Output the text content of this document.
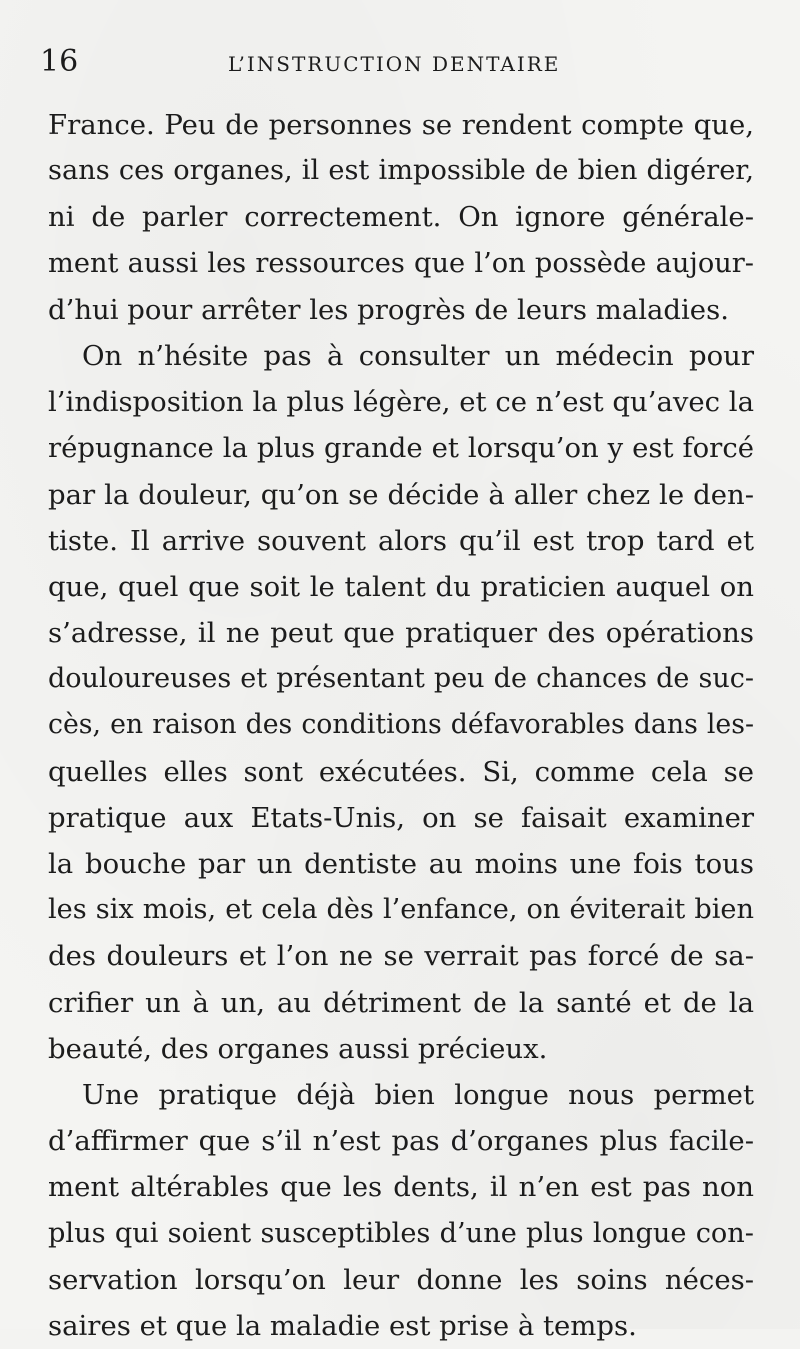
16	L’INSTRUCTION DENTAIRE
France. Peu de personnes se rendent compte que,
sans ces organes, il est impossible de bien digérer,
ni de parler correctement. On ignore générale-
ment aussi les ressources que l’on possède aujour-
d’hui pour arrêter les progrès de leurs maladies.
On n’hésite pas à consulter un médecin pour
l’indisposition la plus légère, et ce n’est qu’avec la
répugnance la plus grande et lorsqu’on y est forcé
par la douleur, qu’on se décide à aller chez le den-
tiste. Il arrive souvent alors qu’il est trop tard et
que, quel que soit le talent du praticien auquel on
s’adresse, il ne peut que pratiquer des opérations
douloureuses et présentant peu de chances de suc-
cès, en raison des conditions défavorables dans les-
quelles elles sont exécutées. Si, comme cela se
pratique aux Etats-Unis, on se faisait examiner
la bouche par un dentiste au moins une fois tous
les six mois, et cela dès l’enfance, on éviterait bien
des douleurs et l’on ne se verrait pas forcé de sa-
crifier un à un, au détriment de la santé et de la
beauté, des organes aussi précieux.
Une pratique déjà bien longue nous permet
d’affirmer que s’il n’est pas d’organes plus facile-
ment altérables que les dents, il n’en est pas non
plus qui soient susceptibles d’une plus longue con-
servation lorsqu’on leur donne les soins néces-
saires et que la maladie est prise à temps.
